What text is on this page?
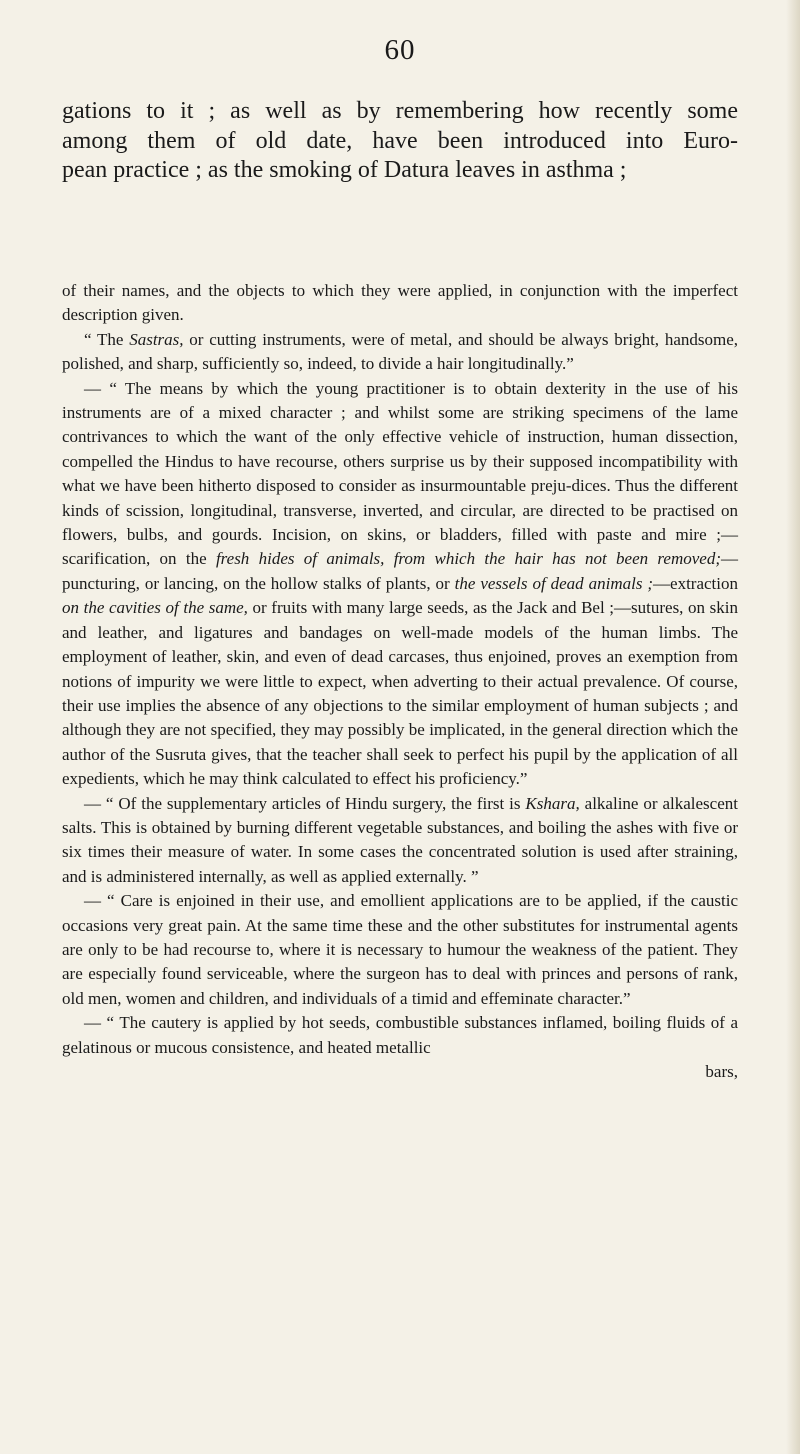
60

gations to it ; as well as by remembering how recently some

among them of old date, have been introduced into Euro-

pean practice ; as the smoking of Datura leaves in asthma ;

of their names, and the objects to which they were applied, in conjunction with the imperfect description given.

“ The Sastras, or cutting instruments, were of metal, and should be always bright, handsome, polished, and sharp, sufficiently so, indeed, to divide a hair longitudinally.”

— “ The means by which the young practitioner is to obtain dexterity in the use of his instruments are of a mixed character ; and whilst some are striking specimens of the lame contrivances to which the want of the only effective vehicle of instruction, human dissection, compelled the Hindus to have recourse, others surprise us by their supposed incompatibility with what we have been hitherto disposed to consider as insurmountable preju-dices. Thus the different kinds of scission, longitudinal, transverse, inverted, and circular, are directed to be practised on flowers, bulbs, and gourds. Incision, on skins, or bladders, filled with paste and mire ;— scarification, on the fresh hides of animals, from which the hair has not been removed;—puncturing, or lancing, on the hollow stalks of plants, or the vessels of dead animals ;—extraction on the cavities of the same, or fruits with many large seeds, as the Jack and Bel ;—sutures, on skin and leather, and ligatures and bandages on well-made models of the human limbs. The employment of leather, skin, and even of dead carcases, thus enjoined, proves an exemption from notions of impurity we were little to expect, when adverting to their actual prevalence. Of course, their use implies the absence of any objections to the similar employment of human subjects ; and although they are not specified, they may possibly be implicated, in the general direction which the author of the Susruta gives, that the teacher shall seek to perfect his pupil by the application of all expedients, which he may think calculated to effect his proficiency.”

— “ Of the supplementary articles of Hindu surgery, the first is Kshara, alkaline or alkalescent salts. This is obtained by burning different vegetable substances, and boiling the ashes with five or six times their measure of water. In some cases the concentrated solution is used after straining, and is administered internally, as well as applied externally. ”

— “ Care is enjoined in their use, and emollient applications are to be applied, if the caustic occasions very great pain. At the same time these and the other substitutes for instrumental agents are only to be had recourse to, where it is necessary to humour the weakness of the patient. They are especially found serviceable, where the surgeon has to deal with princes and persons of rank, old men, women and children, and individuals of a timid and effeminate character.”

— “ The cautery is applied by hot seeds, combustible substances inflamed, boiling fluids of a gelatinous or mucous consistence, and heated metallic

bars,
